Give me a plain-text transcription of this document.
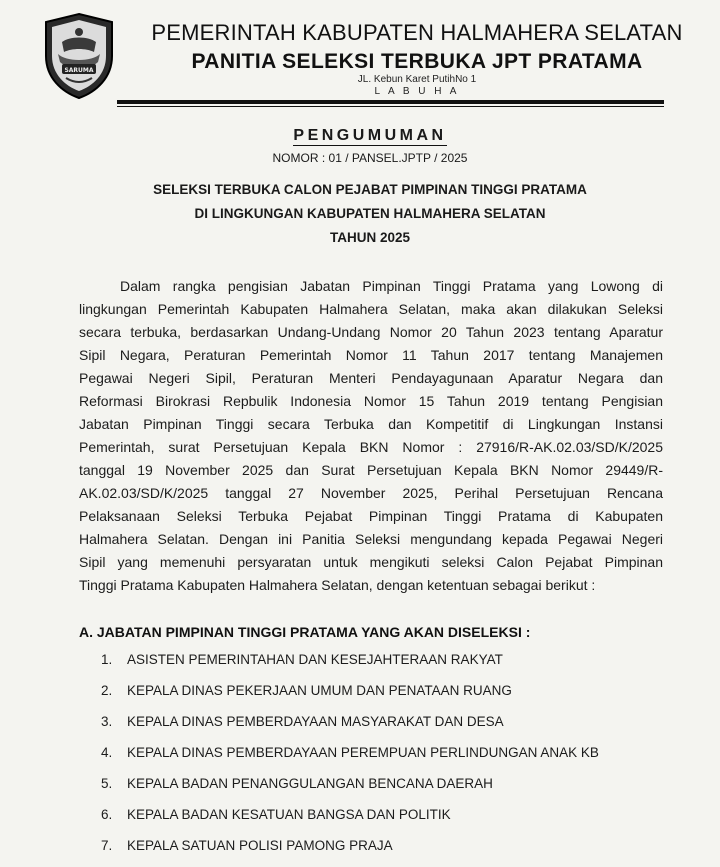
SARUMA
PEMERINTAH KABUPATEN HALMAHERA SELATAN
PANITIA SELEKSI TERBUKA JPT PRATAMA
JL. Kebun Karet PutihNo 1
L A B U H A
PENGUMUMAN
NOMOR : 01 / PANSEL.JPTP / 2025
SELEKSI TERBUKA CALON PEJABAT PIMPINAN TINGGI PRATAMA
DI LINGKUNGAN KABUPATEN HALMAHERA SELATAN
TAHUN 2025
Dalam rangka pengisian Jabatan Pimpinan Tinggi Pratama yang Lowong di
lingkungan Pemerintah Kabupaten Halmahera Selatan, maka akan dilakukan Seleksi
secara terbuka, berdasarkan Undang-Undang Nomor 20 Tahun 2023 tentang Aparatur
Sipil Negara, Peraturan Pemerintah Nomor 11 Tahun 2017 tentang Manajemen
Pegawai Negeri Sipil, Peraturan Menteri Pendayagunaan Aparatur Negara dan
Reformasi Birokrasi Repbulik Indonesia Nomor 15 Tahun 2019 tentang Pengisian
Jabatan Pimpinan Tinggi secara Terbuka dan Kompetitif di Lingkungan Instansi
Pemerintah, surat Persetujuan Kepala BKN Nomor : 27916/R-AK.02.03/SD/K/2025
tanggal 19 November 2025 dan Surat Persetujuan Kepala BKN Nomor 29449/R-
AK.02.03/SD/K/2025 tanggal 27 November 2025, Perihal Persetujuan Rencana
Pelaksanaan Seleksi Terbuka Pejabat Pimpinan Tinggi Pratama di Kabupaten
Halmahera Selatan. Dengan ini Panitia Seleksi mengundang kepada Pegawai Negeri
Sipil yang memenuhi persyaratan untuk mengikuti seleksi Calon Pejabat Pimpinan
Tinggi Pratama Kabupaten Halmahera Selatan, dengan ketentuan sebagai berikut :
A. JABATAN PIMPINAN TINGGI PRATAMA YANG AKAN DISELEKSI :
1. ASISTEN PEMERINTAHAN DAN KESEJAHTERAAN RAKYAT
2. KEPALA DINAS PEKERJAAN UMUM DAN PENATAAN RUANG
3. KEPALA DINAS PEMBERDAYAAN MASYARAKAT DAN DESA
4. KEPALA DINAS PEMBERDAYAAN PEREMPUAN PERLINDUNGAN ANAK KB
5. KEPALA BADAN PENANGGULANGAN BENCANA DAERAH
6. KEPALA BADAN KESATUAN BANGSA DAN POLITIK
7. KEPALA SATUAN POLISI PAMONG PRAJA
